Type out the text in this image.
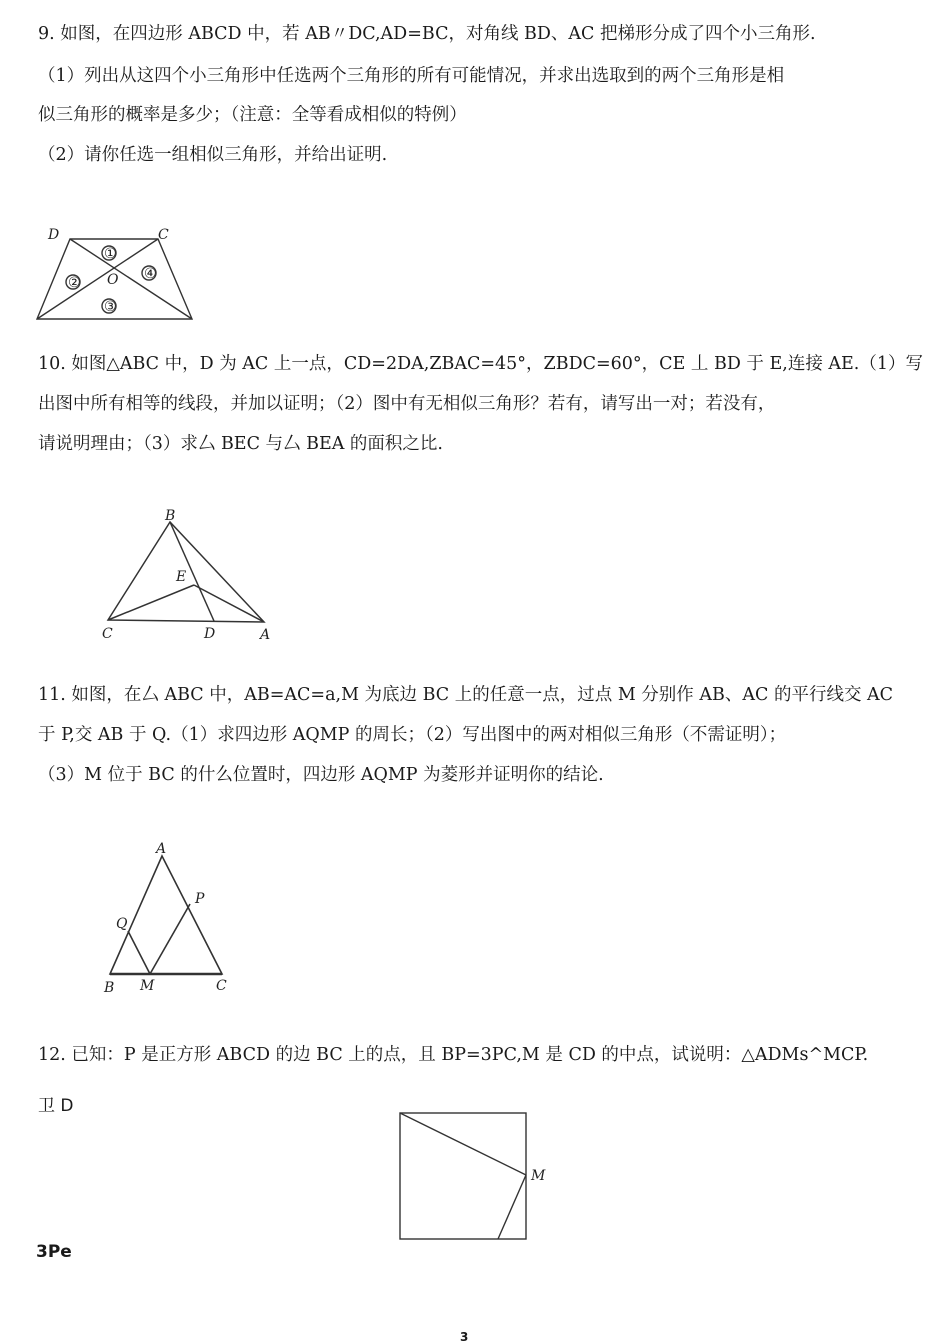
9. 如图，在四边形 ABCD 中，若 AB〃DC,AD=BC，对角线 BD、AC 把梯形分成了四个小三角形.
（1）列出从这四个小三角形中任选两个三角形的所有可能情况，并求出选取到的两个三角形是相
似三角形的概率是多少；（注意：全等看成相似的特例）
（2）请你任选一组相似三角形，并给出证明.
D	C
O
①
②
③
④
10. 如图△ABC 中，D 为 AC 上一点，CD=2DA,ZBAC=45°，ZBDC=60°，CE 丄 BD 于 E,连接 AE.（1）写
出图中所有相等的线段，并加以证明；（2）图中有无相似三角形？若有，请写出一对；若没有，
请说明理由；（3）求厶 BEC 与厶 BEA 的面积之比.
B
E
C	D	A
11. 如图，在厶 ABC 中，AB=AC=a,M 为底边 BC 上的任意一点，过点 M 分别作 AB、AC 的平行线交 AC
于 P,交 AB 于 Q.（1）求四边形 AQMP 的周长；（2）写出图中的两对相似三角形（不需证明）；
（3）M 位于 BC 的什么位置时，四边形 AQMP 为菱形并证明你的结论.
A
P
Q
B M	C
12. 已知：P 是正方形 ABCD 的边 BC 上的点，且 BP=3PC,M 是 CD 的中点，试说明：△ADMs^MCP.
卫 D
M
3Pe
3
